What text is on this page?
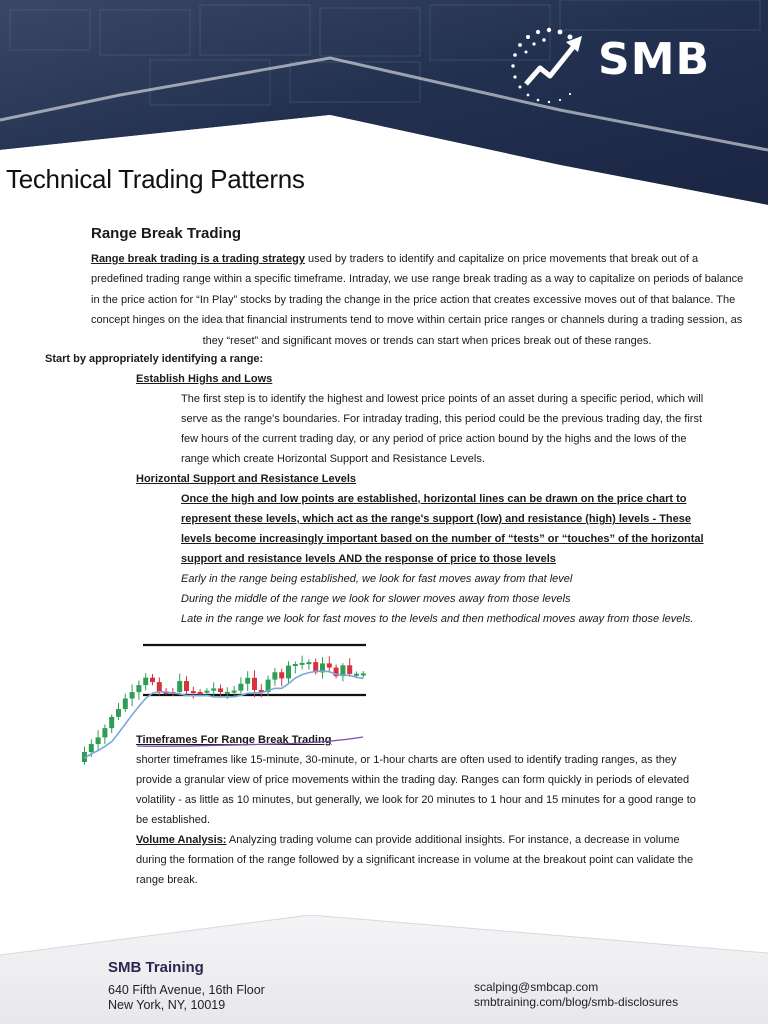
SMB
Technical Trading Patterns
Range Break Trading
Range break trading is a trading strategy used by traders to identify and capitalize on price movements that break out of a
predefined trading range within a specific timeframe. Intraday, we use range break trading as a way to capitalize on periods of balance
in the price action for “In Play” stocks by trading the change in the price action that creates excessive moves out of that balance. The
concept hinges on the idea that financial instruments tend to move within certain price ranges or channels during a trading session, as
they “reset” and significant moves or trends can start when prices break out of these ranges.
Start by appropriately identifying a range:
Establish Highs and Lows
The first step is to identify the highest and lowest price points of an asset during a specific period, which will
serve as the range's boundaries. For intraday trading, this period could be the previous trading day, the first
few hours of the current trading day, or any period of price action bound by the highs and the lows of the
range which create Horizontal Support and Resistance Levels.
Horizontal Support and Resistance Levels
Once the high and low points are established, horizontal lines can be drawn on the price chart to
represent these levels, which act as the range's support (low) and resistance (high) levels - These
levels become increasingly important based on the number of “tests” or “touches” of the horizontal
support and resistance levels AND the response of price to those levels
Early in the range being established, we look for fast moves away from that level
During the middle of the range we look for slower moves away from those levels
Late in the range we look for fast moves to the levels and then methodical moves away from those levels.
Timeframes For Range Break Trading
shorter timeframes like 15-minute, 30-minute, or 1-hour charts are often used to identify trading ranges, as they
provide a granular view of price movements within the trading day. Ranges can form quickly in periods of elevated
volatility - as little as 10 minutes, but generally, we look for 20 minutes to 1 hour and 15 minutes for a good range to
be established.
Volume Analysis: Analyzing trading volume can provide additional insights. For instance, a decrease in volume
during the formation of the range followed by a significant increase in volume at the breakout point can validate the
range break.
SMB Training
640 Fifth Avenue, 16th Floor
New York, NY, 10019
scalping@smbcap.com
smbtraining.com/blog/smb-disclosures
